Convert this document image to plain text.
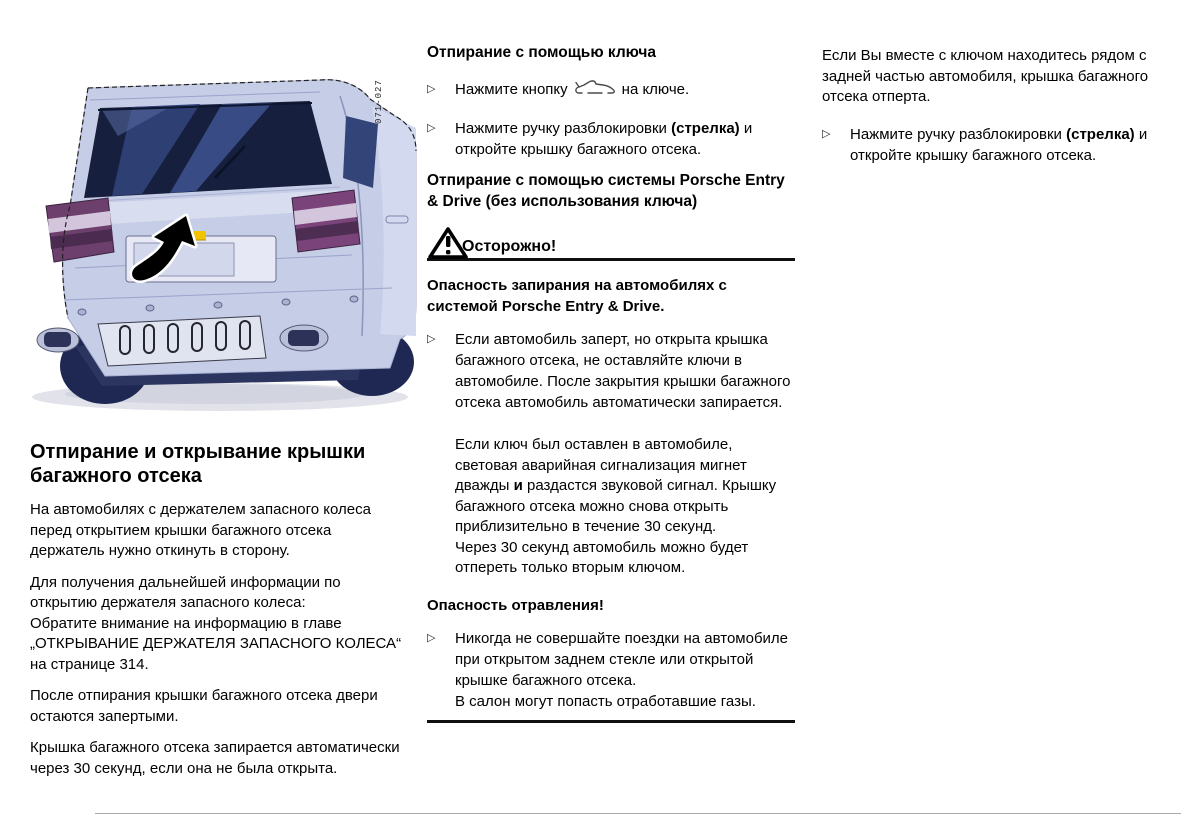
071-027
Отпирание и открывание крышки багажного отсека

На автомобилях с держателем запасного колеса перед открытием крышки багажного отсека держатель нужно откинуть в сторону.

Для получения дальнейшей информации по открытию держателя запасного колеса:
Обратите внимание на информацию в главе „ОТКРЫВАНИЕ ДЕРЖАТЕЛЯ ЗАПАСНОГО КОЛЕСА“ на странице 314.

После отпирания крышки багажного отсека двери остаются запертыми.

Крышка багажного отсека запирается автоматически через 30 секунд, если она не была открыта.

Отпирание с помощью ключа
▷	Нажмите кнопку	на ключе.
▷	Нажмите ручку разблокировки (стрелка) и откройте крышку багажного отсека.
Отпирание с помощью системы Porsche Entry & Drive (без использования ключа)
Осторожно!
Опасность запирания на автомобилях с системой Porsche Entry & Drive.
▷	Если автомобиль заперт, но открыта крышка багажного отсека, не оставляйте ключи в автомобиле. После закрытия крышки багажного отсека автомобиль автоматически запирается.

Если ключ был оставлен в автомобиле, световая аварийная сигнализация мигнет дважды и раздастся звуковой сигнал. Крышку багажного отсека можно снова открыть приблизительно в течение 30 секунд.
Через 30 секунд автомобиль можно будет отпереть только вторым ключом.

Опасность отравления!
▷	Никогда не совершайте поездки на автомобиле при открытом заднем стекле или открытой крышке багажного отсека.
В салон могут попасть отработавшие газы.

Если Вы вместе с ключом находитесь рядом с задней частью автомобиля, крышка багажного отсека отперта.

▷	Нажмите ручку разблокировки (стрелка) и откройте крышку багажного отсека.
